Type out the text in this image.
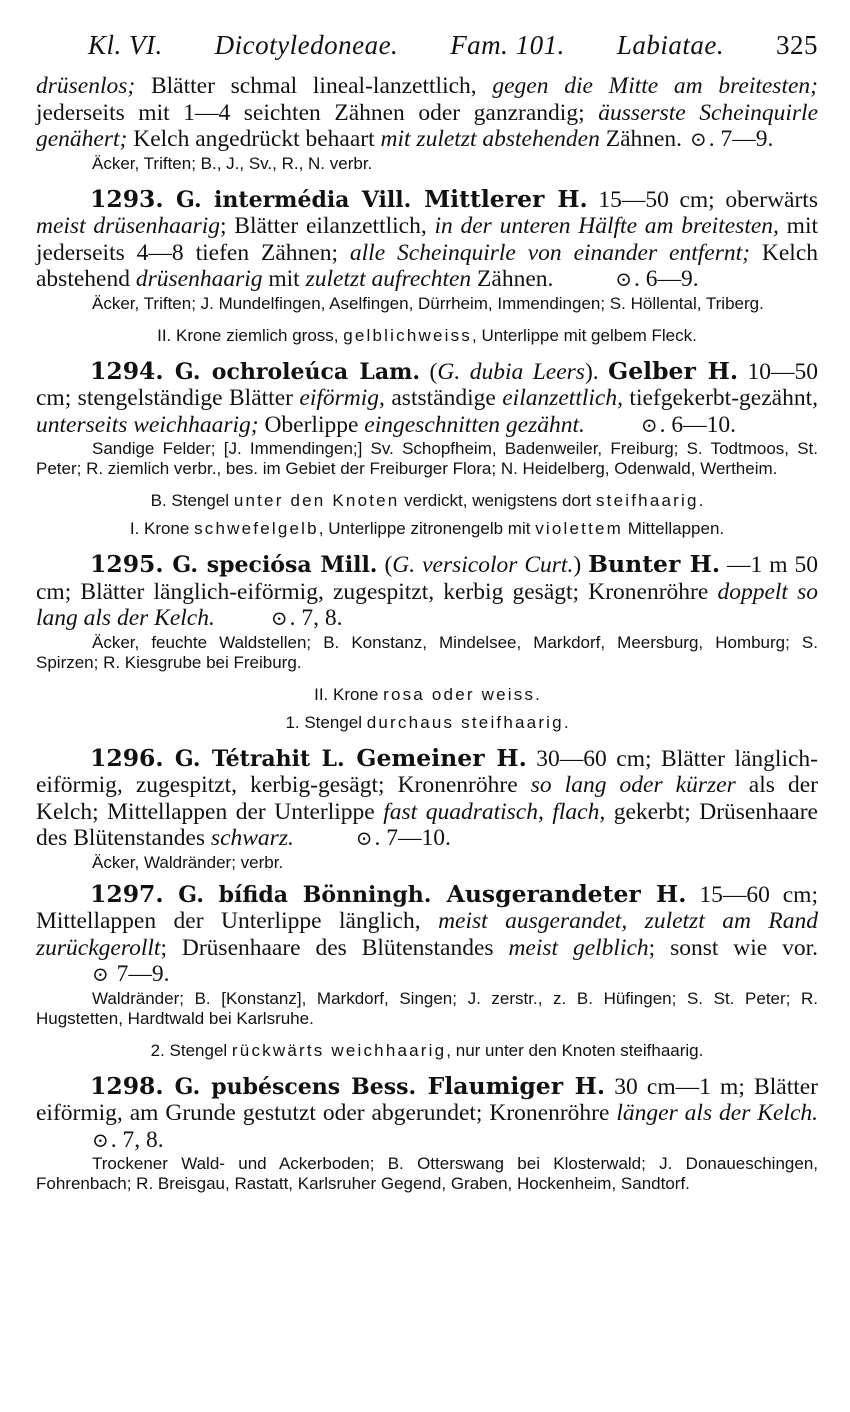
Kl. VI. Dicotyledoneae. Fam. 101. Labiatae. 325

drüsenlos; Blätter schmal lineal-lanzettlich, gegen die Mitte am breitesten; jederseits mit 1—4 seichten Zähnen oder ganzrandig; äusserste Scheinquirle genähert; Kelch angedrückt behaart mit zuletzt abstehenden Zähnen. ⊙. 7—9.

Äcker, Triften; B., J., Sv., R., N. verbr.

1293. G. intermédia Vill. Mittlerer H. 15—50 cm; oberwärts meist drüsenhaarig; Blätter eilanzettlich, in der unteren Hälfte am breitesten, mit jederseits 4—8 tiefen Zähnen; alle Scheinquirle von einander entfernt; Kelch abstehend drüsenhaarig mit zuletzt aufrechten Zähnen.	⊙. 6—9.

Äcker, Triften; J. Mundelfingen, Aselfingen, Dürrheim, Immendingen; S. Höllental, Triberg.

II. Krone ziemlich gross, gelblichweiss, Unterlippe mit gelbem Fleck.

1294. G. ochroleúca Lam. (G. dubia Leers). Gelber H. 10—50 cm; stengelständige Blätter eiförmig, astständige eilanzettlich, tiefgekerbt-gezähnt, unterseits weichhaarig; Oberlippe eingeschnitten gezähnt.	⊙. 6—10.

Sandige Felder; [J. Immendingen;] Sv. Schopfheim, Badenweiler, Freiburg; S. Todtmoos, St. Peter; R. ziemlich verbr., bes. im Gebiet der Freiburger Flora; N. Heidelberg, Odenwald, Wertheim.

B. Stengel unter den Knoten verdickt, wenigstens dort steifhaarig.

I. Krone schwefelgelb, Unterlippe zitronengelb mit violettem Mittellappen.

1295. G. speciósa Mill. (G. versicolor Curt.) Bunter H. —1 m 50 cm; Blätter länglich-eiförmig, zugespitzt, kerbig gesägt; Kronenröhre doppelt so lang als der Kelch.	⊙. 7, 8.

Äcker, feuchte Waldstellen; B. Konstanz, Mindelsee, Markdorf, Meersburg, Homburg; S. Spirzen; R. Kiesgrube bei Freiburg.

II. Krone rosa oder weiss.

1. Stengel durchaus steifhaarig.

1296. G. Tétrahit L. Gemeiner H. 30—60 cm; Blätter länglich-eiförmig, zugespitzt, kerbig-gesägt; Kronenröhre so lang oder kürzer als der Kelch; Mittellappen der Unterlippe fast quadratisch, flach, gekerbt; Drüsenhaare des Blütenstandes schwarz.	⊙. 7—10.

Äcker, Waldränder; verbr.

1297. G. bífida Bönningh. Ausgerandeter H. 15—60 cm; Mittellappen der Unterlippe länglich, meist ausgerandet, zuletzt am Rand zurückgerollt; Drüsenhaare des Blütenstandes meist gelblich; sonst wie vor. ⊙ 7—9.

Waldränder; B. [Konstanz], Markdorf, Singen; J. zerstr., z. B. Hüfingen; S. St. Peter; R. Hugstetten, Hardtwald bei Karlsruhe.

2. Stengel rückwärts weichhaarig, nur unter den Knoten steifhaarig.

1298. G. pubéscens Bess. Flaumiger H. 30 cm—1 m; Blätter eiförmig, am Grunde gestutzt oder abgerundet; Kronenröhre länger als der Kelch.⊙. 7, 8.

Trockener Wald- und Ackerboden; B. Otterswang bei Klosterwald; J. Donaueschingen, Fohrenbach; R. Breisgau, Rastatt, Karlsruher Gegend, Graben, Hockenheim, Sandtorf.
